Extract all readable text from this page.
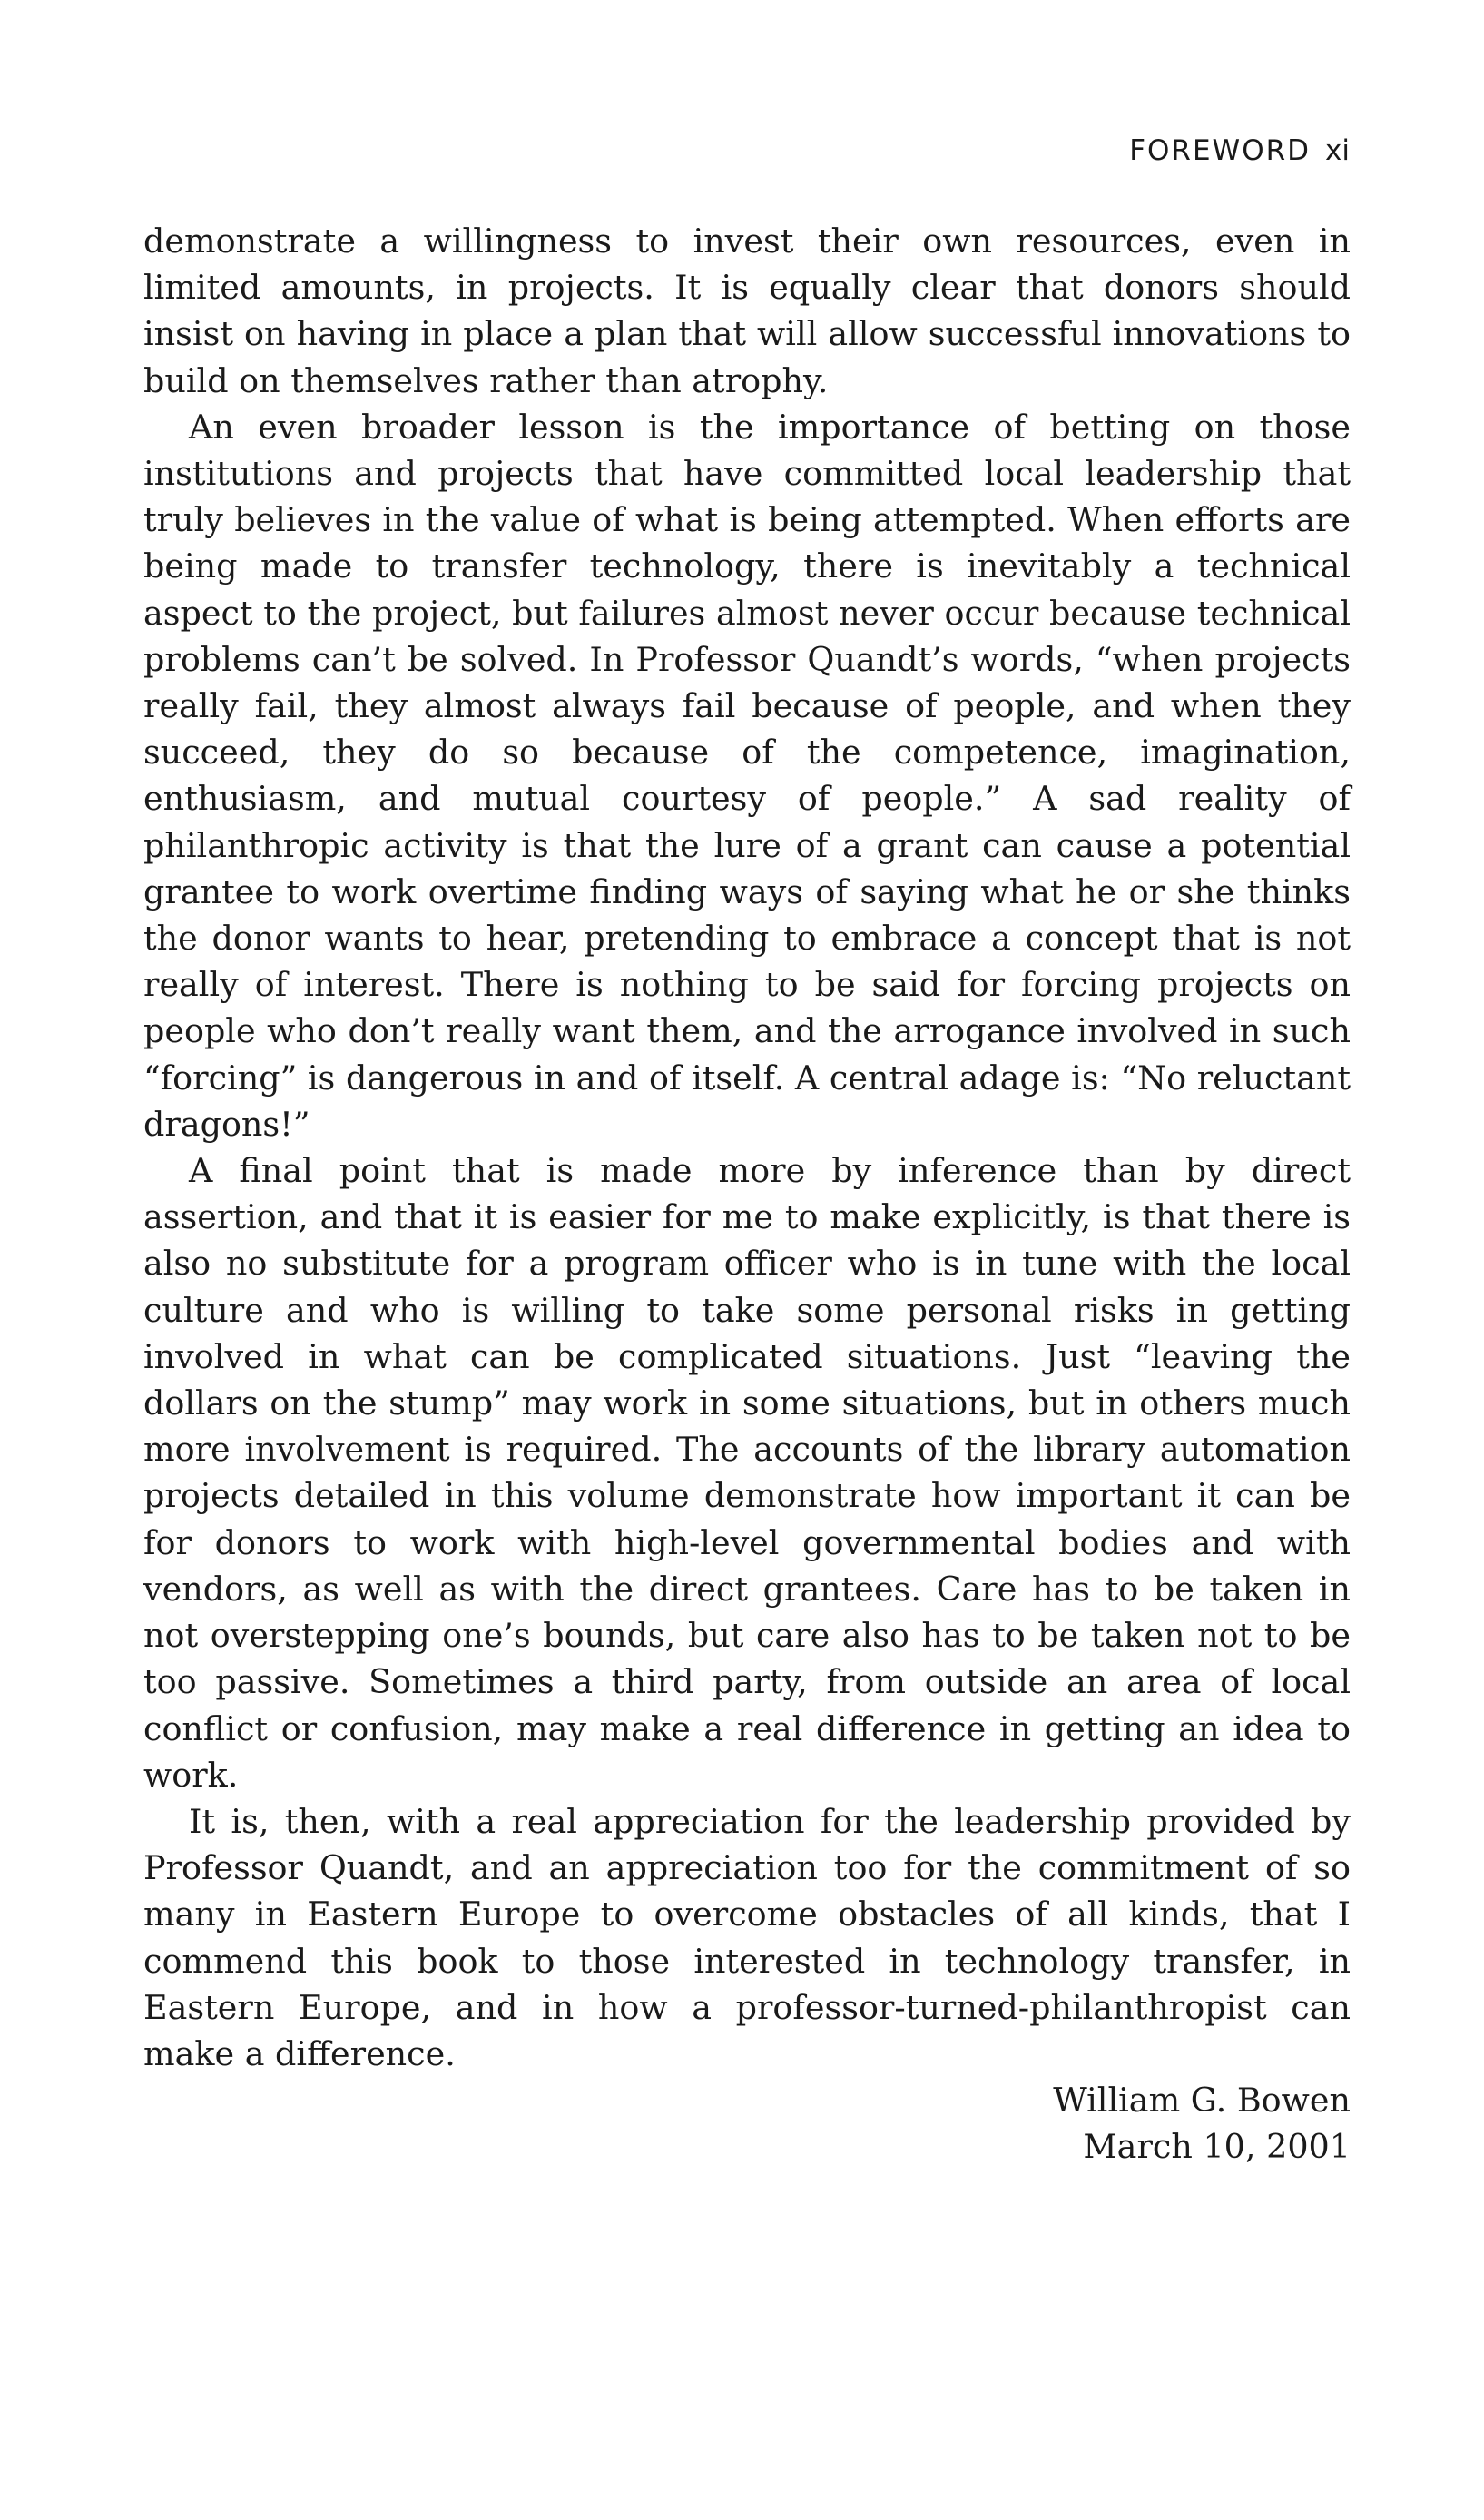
FOREWORD xi

demonstrate a willingness to invest their own resources, even in limited amounts, in projects. It is equally clear that donors should insist on having in place a plan that will allow successful innovations to build on themselves rather than atrophy.

An even broader lesson is the importance of betting on those institutions and projects that have committed local leadership that truly believes in the value of what is being attempted. When efforts are being made to transfer technology, there is inevitably a technical aspect to the project, but failures almost never occur because technical problems can’t be solved. In Professor Quandt’s words, “when projects really fail, they almost always fail because of people, and when they succeed, they do so because of the competence, imagination, enthusiasm, and mutual courtesy of people.” A sad reality of philanthropic activity is that the lure of a grant can cause a potential grantee to work overtime finding ways of saying what he or she thinks the donor wants to hear, pretending to embrace a concept that is not really of interest. There is nothing to be said for forcing projects on people who don’t really want them, and the arrogance involved in such “forcing” is dangerous in and of itself. A central adage is: “No reluctant dragons!”

A final point that is made more by inference than by direct assertion, and that it is easier for me to make explicitly, is that there is also no substitute for a program officer who is in tune with the local culture and who is willing to take some personal risks in getting involved in what can be complicated situations. Just “leaving the dollars on the stump” may work in some situations, but in others much more involvement is required. The accounts of the library automation projects detailed in this volume demonstrate how important it can be for donors to work with high-level governmental bodies and with vendors, as well as with the direct grantees. Care has to be taken in not overstepping one’s bounds, but care also has to be taken not to be too passive. Sometimes a third party, from outside an area of local conflict or confusion, may make a real difference in getting an idea to work.

It is, then, with a real appreciation for the leadership provided by Professor Quandt, and an appreciation too for the commitment of so many in Eastern Europe to overcome obstacles of all kinds, that I commend this book to those interested in technology transfer, in Eastern Europe, and in how a professor-turned-philanthropist can make a difference.

William G. Bowen

March 10, 2001
